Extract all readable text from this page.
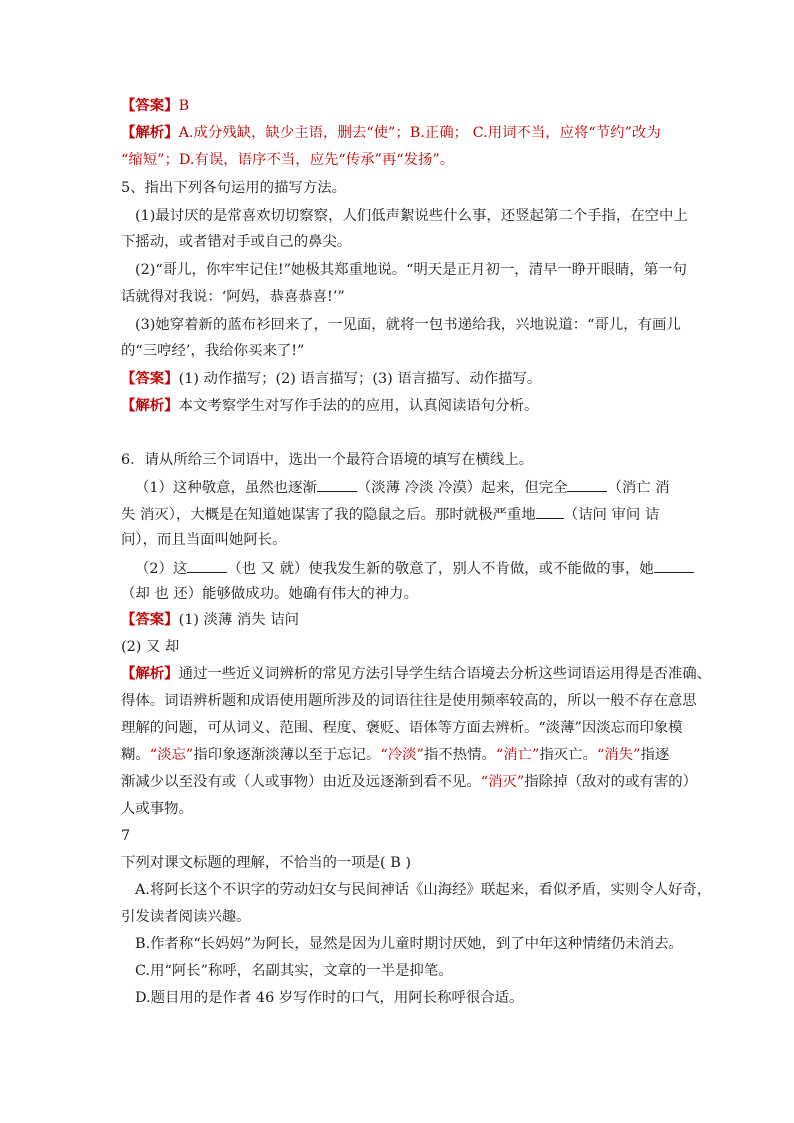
【答案】B
【解析】A.成分残缺，缺少主语，删去“使”；B.正确； C.用词不当，应将“节约”改为
“缩短”；D.有误，语序不当，应先“传承”再“发扬”。
5、指出下列各句运用的描写方法。
(1)最讨厌的是常喜欢切切察察，人们低声絮说些什么事，还竖起第二个手指，在空中上
下摇动，或者错对手或自己的鼻尖。
(2)“哥儿，你牢牢记住!”她极其郑重地说。“明天是正月初一，清早一睁开眼睛，第一句
话就得对我说：‘阿妈，恭喜恭喜!’”
(3)她穿着新的蓝布衫回来了，一见面，就将一包书递给我，兴地说道：“哥儿，有画儿
的“三哼经’，我给你买来了!”
【答案】(1) 动作描写；(2) 语言描写；(3) 语言描写、动作描写。
【解析】本文考察学生对写作手法的的应用，认真阅读语句分析。
6．请从所给三个词语中，选出一个最符合语境的填写在横线上。
（1）这种敬意，虽然也逐渐	（淡薄 冷淡 冷漠）起来，但完全	（消亡 消
失 消灭），大概是在知道她谋害了我的隐鼠之后。那时就极严重地 （诘问 审问 诘
问），而且当面叫她阿长。
（2）这	（也 又 就）使我发生新的敬意了，别人不肯做，或不能做的事，她
（却 也 还）能够做成功。她确有伟大的神力。
【答案】(1) 淡薄 消失 诘问
(2) 又 却
【解析】通过一些近义词辨析的常见方法引导学生结合语境去分析这些词语运用得是否准确、
得体。词语辨析题和成语使用题所涉及的词语往往是使用频率较高的，所以一般不存在意思
理解的问题，可从词义、范围、程度、褒贬、语体等方面去辨析。“淡薄”因淡忘而印象模
糊。“淡忘”指印象逐渐淡薄以至于忘记。“冷淡”指不热情。“消亡”指灭亡。“消失”指逐
渐减少以至没有或（人或事物）由近及远逐渐到看不见。“消灭”指除掉（敌对的或有害的）
人或事物。
7
下列对课文标题的理解，不恰当的一项是( B )
A.将阿长这个不识字的劳动妇女与民间神话《山海经》联起来，看似矛盾，实则令人好奇，
引发读者阅读兴趣。
B.作者称“长妈妈”为阿长，显然是因为儿童时期讨厌她，到了中年这种情绪仍未消去。
C.用“阿长”称呼，名副其实，文章的一半是抑笔。
D.题目用的是作者 46 岁写作时的口气，用阿长称呼很合适。
